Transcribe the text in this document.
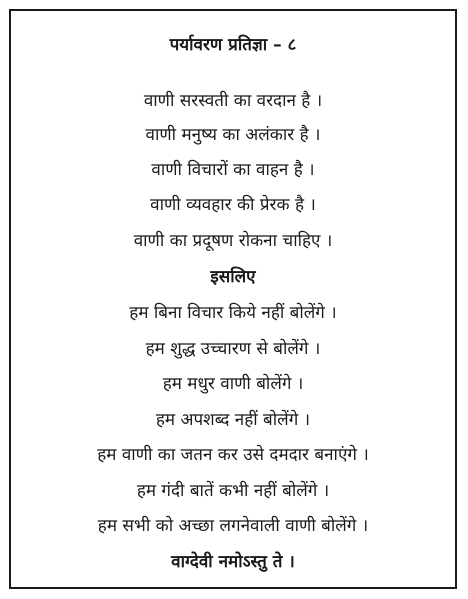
पर्यावरण प्रतिज्ञा – ८
वाणी सरस्वती का वरदान है ।
वाणी मनुष्य का अलंकार है ।
वाणी विचारों का वाहन है ।
वाणी व्यवहार की प्रेरक है ।
वाणी का प्रदूषण रोकना चाहिए ।
इसलिए
हम बिना विचार किये नहीं बोलेंगे ।
हम शुद्ध उच्चारण से बोलेंगे ।
हम मधुर वाणी बोलेंगे ।
हम अपशब्द नहीं बोलेंगे ।
हम वाणी का जतन कर उसे दमदार बनाएंगे ।
हम गंदी बातें कभी नहीं बोलेंगे ।
हम सभी को अच्छा लगनेवाली वाणी बोलेंगे ।
वाग्देवी नमोऽस्तु ते ।
